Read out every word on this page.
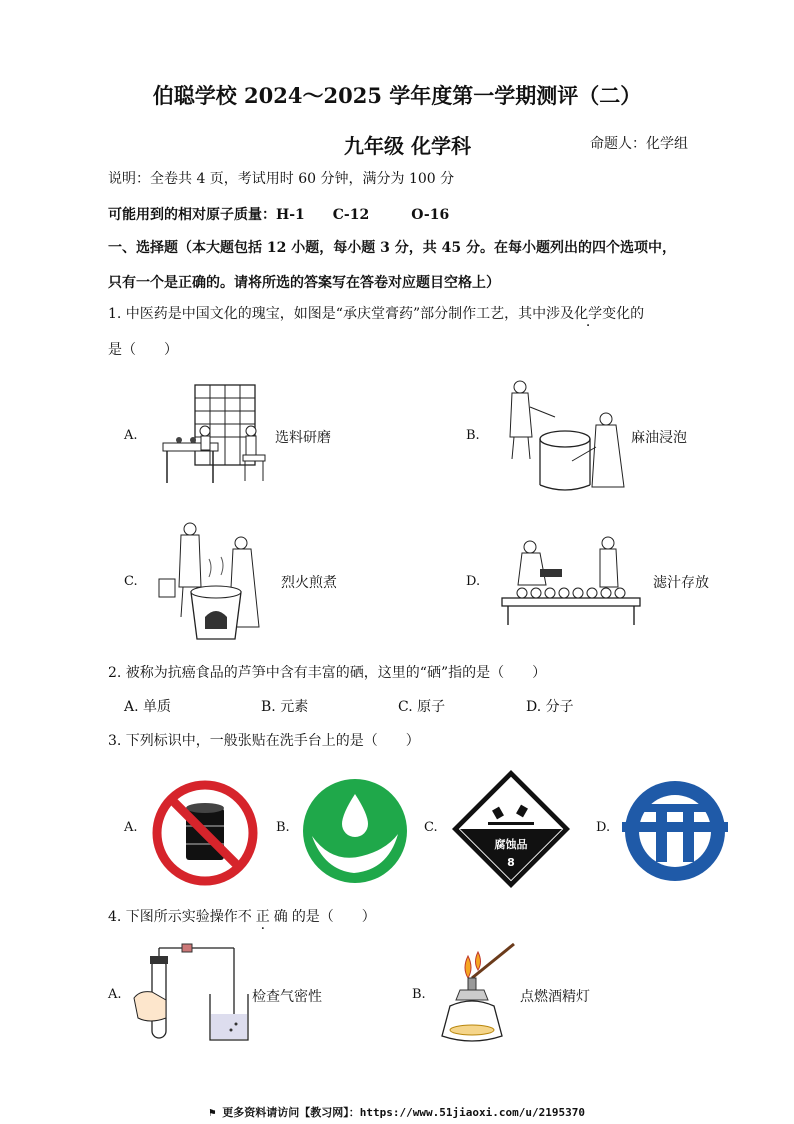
伯聪学校 2024～2025 学年度第一学期测评（二）
九年级 化学科	命题人：化学组
说明：全卷共 4 页，考试用时 60 分钟，满分为 100 分
可能用到的相对原子质量：H-1　　C-12　　　O-16
一、选择题（本大题包括 12 小题，每小题 3 分，共 45 分。在每小题列出的四个选项中，
只有一个是正确的。请将所选的答案写在答卷对应题目空格上）
1. 中医药是中国文化的瑰宝，如图是“承庆堂膏药”部分制作工艺，其中涉及化学变化的
是（　　）
A.	选料研磨	B.	麻油浸泡
C.	烈火煎煮	D.	滤汁存放
2. 被称为抗癌食品的芦笋中含有丰富的硒，这里的“硒”指的是（　　）
A. 单质	B. 元素	C. 原子	D. 分子
3. 下列标识中，一般张贴在洗手台上的是（　　）
A.	B.	C.
腐蚀品
8
D.
4. 下图所示实验操作不正确的是（　　）
A.	检查气密性	B.	点燃酒精灯
⚑ 更多资料请访问【教习网】：https://www.51jiaoxi.com/u/2195370
